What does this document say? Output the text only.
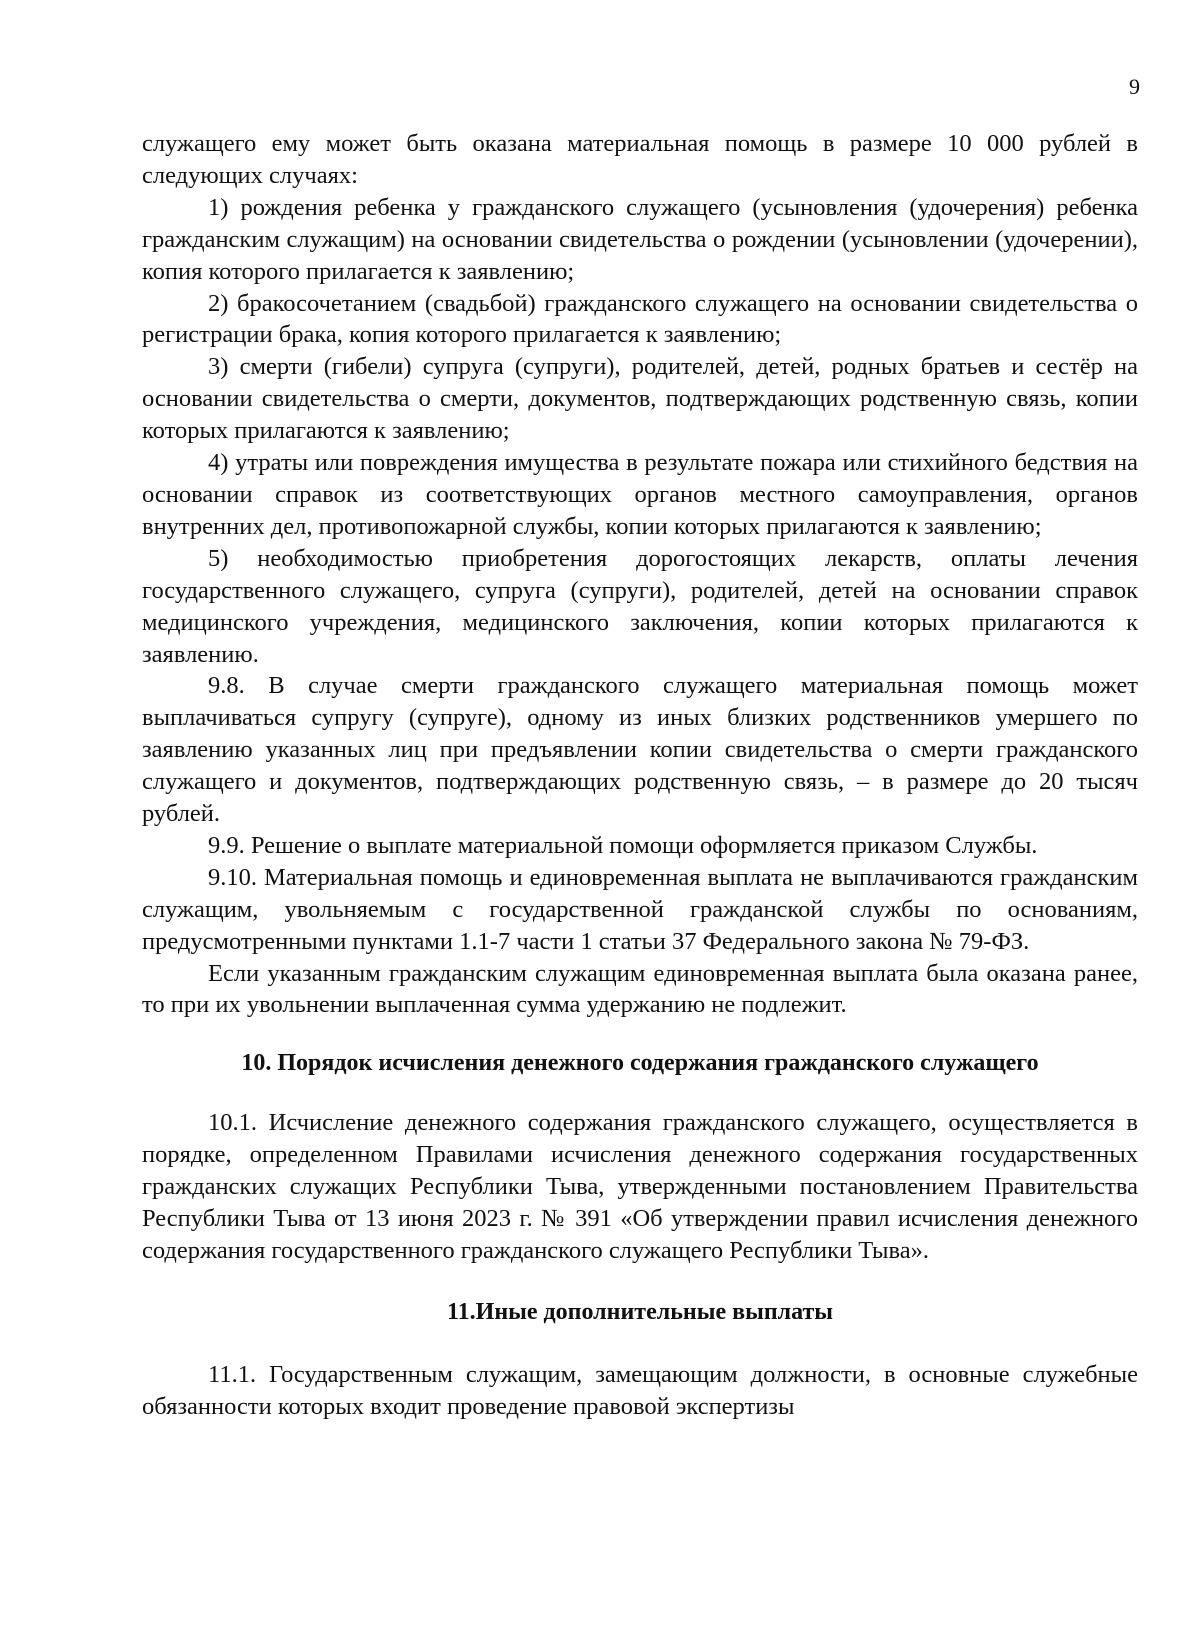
9

служащего ему может быть оказана материальная помощь в размере 10 000 рублей в следующих случаях:

1) рождения ребенка у гражданского служащего (усыновления (удочерения) ребенка гражданским служащим) на основании свидетельства о рождении (усыновлении (удочерении), копия которого прилагается к заявлению;

2) бракосочетанием (свадьбой) гражданского служащего на основании свидетельства о регистрации брака, копия которого прилагается к заявлению;

3) смерти (гибели) супруга (супруги), родителей, детей, родных братьев и сестёр на основании свидетельства о смерти, документов, подтверждающих родственную связь, копии которых прилагаются к заявлению;

4) утраты или повреждения имущества в результате пожара или стихийного бедствия на основании справок из соответствующих органов местного самоуправления, органов внутренних дел, противопожарной службы, копии которых прилагаются к заявлению;

5) необходимостью приобретения дорогостоящих лекарств, оплаты лечения государственного служащего, супруга (супруги), родителей, детей на основании справок медицинского учреждения, медицинского заключения, копии которых прилагаются к заявлению.

9.8. В случае смерти гражданского служащего материальная помощь может выплачиваться супругу (супруге), одному из иных близких родственников умершего по заявлению указанных лиц при предъявлении копии свидетельства о смерти гражданского служащего и документов, подтверждающих родственную связь, – в размере до 20 тысяч рублей.

9.9. Решение о выплате материальной помощи оформляется приказом Службы.

9.10. Материальная помощь и единовременная выплата не выплачиваются гражданским служащим, увольняемым с государственной гражданской службы по основаниям, предусмотренными пунктами 1.1-7 части 1 статьи 37 Федерального закона № 79-ФЗ.

Если указанным гражданским служащим единовременная выплата была оказана ранее, то при их увольнении выплаченная сумма удержанию не подлежит.

10. Порядок исчисления денежного содержания гражданского служащего

10.1. Исчисление денежного содержания гражданского служащего, осуществляется в порядке, определенном Правилами исчисления денежного содержания государственных гражданских служащих Республики Тыва, утвержденными постановлением Правительства Республики Тыва от 13 июня 2023 г. № 391 «Об утверждении правил исчисления денежного содержания государственного гражданского служащего Республики Тыва».

11.Иные дополнительные выплаты

11.1. Государственным служащим, замещающим должности, в основные служебные обязанности которых входит проведение правовой экспертизы
